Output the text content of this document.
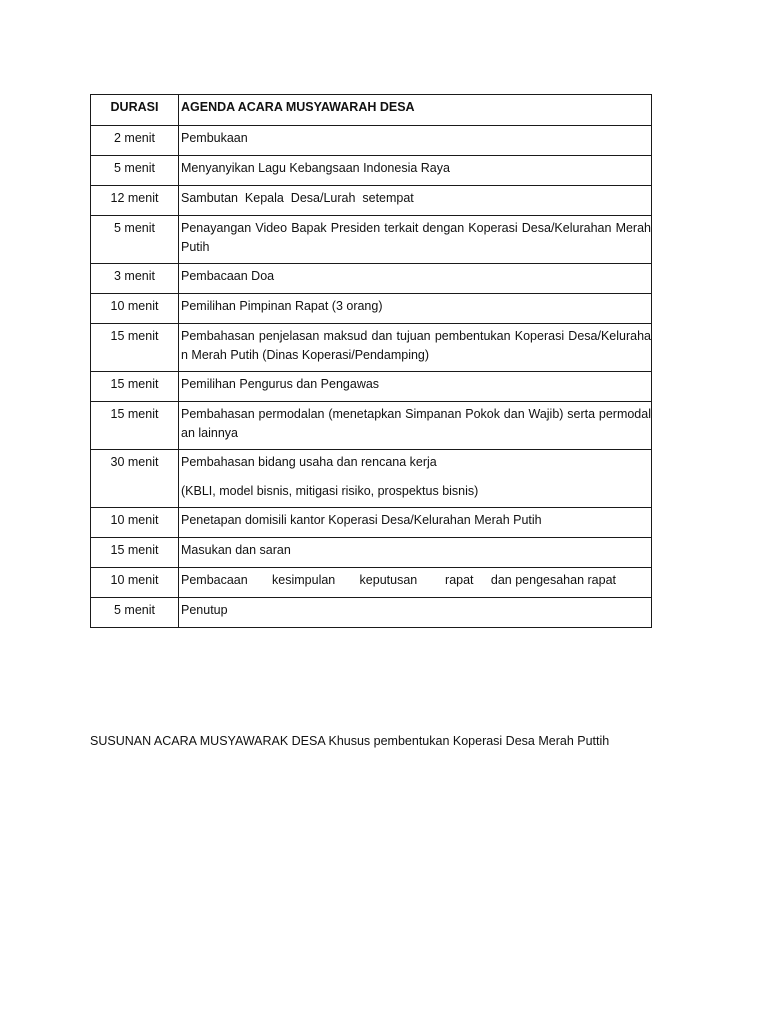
DURASI	AGENDA ACARA MUSYAWARAH DESA
2 menit	Pembukaan
5 menit	Menyanyikan Lagu Kebangsaan Indonesia Raya
12 menit	Sambutan  Kepala  Desa/Lurah  setempat
5 menit	Penayangan Video Bapak Presiden terkait dengan Koperasi Desa/Kelurahan Merah Putih
3 menit	Pembacaan Doa
10 menit	Pemilihan Pimpinan Rapat (3 orang)
15 menit	Pembahasan penjelasan maksud dan tujuan pembentukan Koperasi Desa/Kelurahan Merah Putih (Dinas Koperasi/Pendamping)
15 menit	Pemilihan Pengurus dan Pengawas
15 menit	Pembahasan permodalan (menetapkan Simpanan Pokok dan Wajib) serta permodalan lainnya
30 menit	Pembahasan bidang usaha dan rencana kerja
(KBLI, model bisnis, mitigasi risiko, prospektus bisnis)

10 menit	Penetapan domisili kantor Koperasi Desa/Kelurahan Merah Putih
15 menit	Masukan dan saran
10 menit	Pembacaan       kesimpulan       keputusan        rapat     dan pengesahan rapat
5 menit	Penutup
SUSUNAN ACARA MUSYAWARAK DESA Khusus pembentukan Koperasi Desa Merah Puttih
